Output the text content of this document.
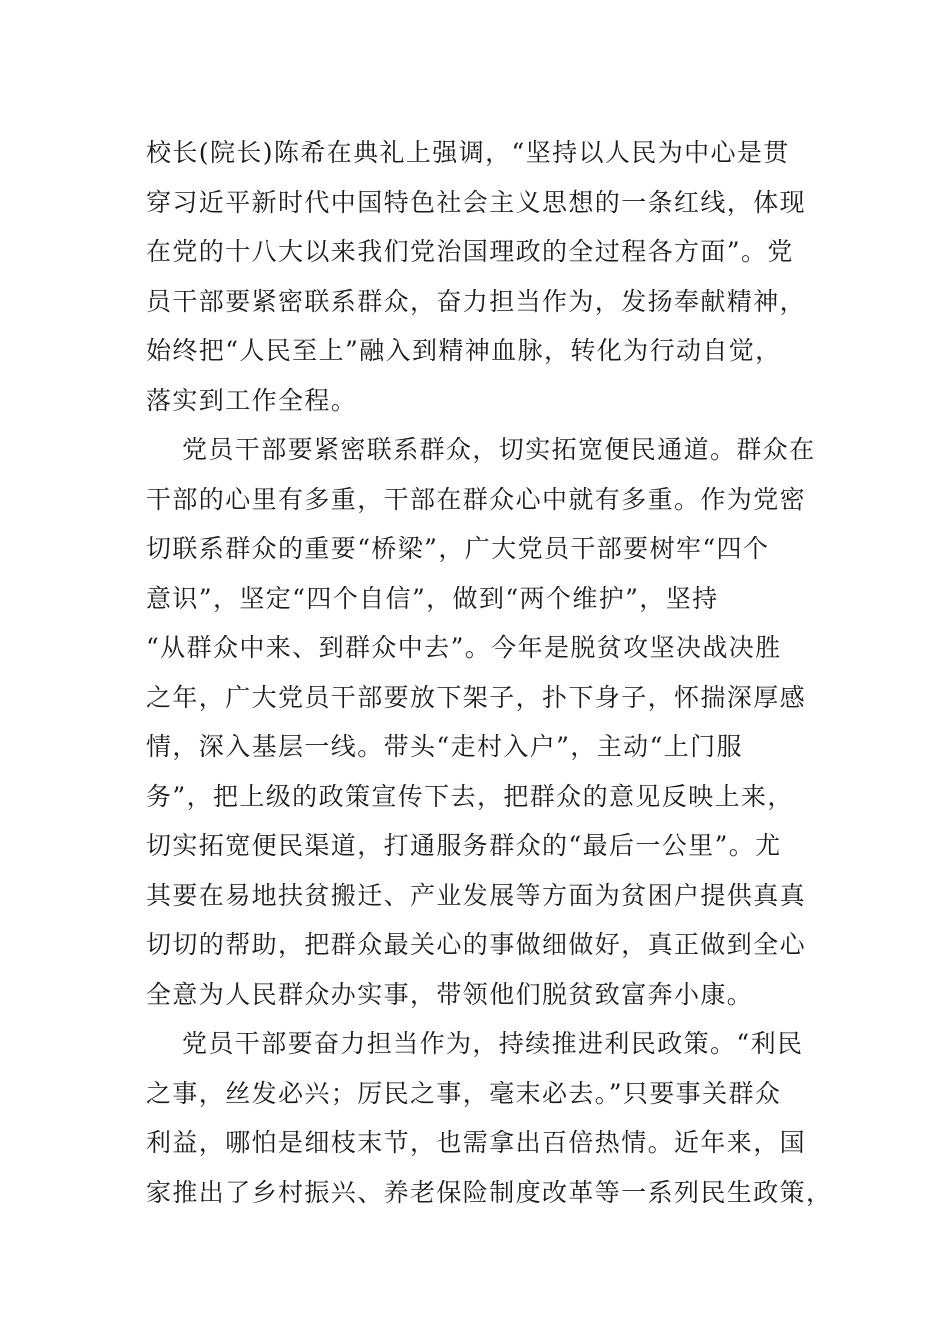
校长(院长)陈希在典礼上强调，“坚持以人民为中心是贯
穿习近平新时代中国特色社会主义思想的一条红线，体现
在党的十八大以来我们党治国理政的全过程各方面”。党
员干部要紧密联系群众，奋力担当作为，发扬奉献精神，
始终把“人民至上”融入到精神血脉，转化为行动自觉，
落实到工作全程。
党员干部要紧密联系群众，切实拓宽便民通道。群众在
干部的心里有多重，干部在群众心中就有多重。作为党密
切联系群众的重要“桥梁”，广大党员干部要树牢“四个
意识”，坚定“四个自信”，做到“两个维护”，坚持
“从群众中来、到群众中去”。今年是脱贫攻坚决战决胜
之年，广大党员干部要放下架子，扑下身子，怀揣深厚感
情，深入基层一线。带头“走村入户”，主动“上门服
务”，把上级的政策宣传下去，把群众的意见反映上来，
切实拓宽便民渠道，打通服务群众的“最后一公里”。尤
其要在易地扶贫搬迁、产业发展等方面为贫困户提供真真
切切的帮助，把群众最关心的事做细做好，真正做到全心
全意为人民群众办实事，带领他们脱贫致富奔小康。
党员干部要奋力担当作为，持续推进利民政策。“利民
之事，丝发必兴；厉民之事，毫末必去。”只要事关群众
利益，哪怕是细枝末节，也需拿出百倍热情。近年来，国
家推出了乡村振兴、养老保险制度改革等一系列民生政策，
